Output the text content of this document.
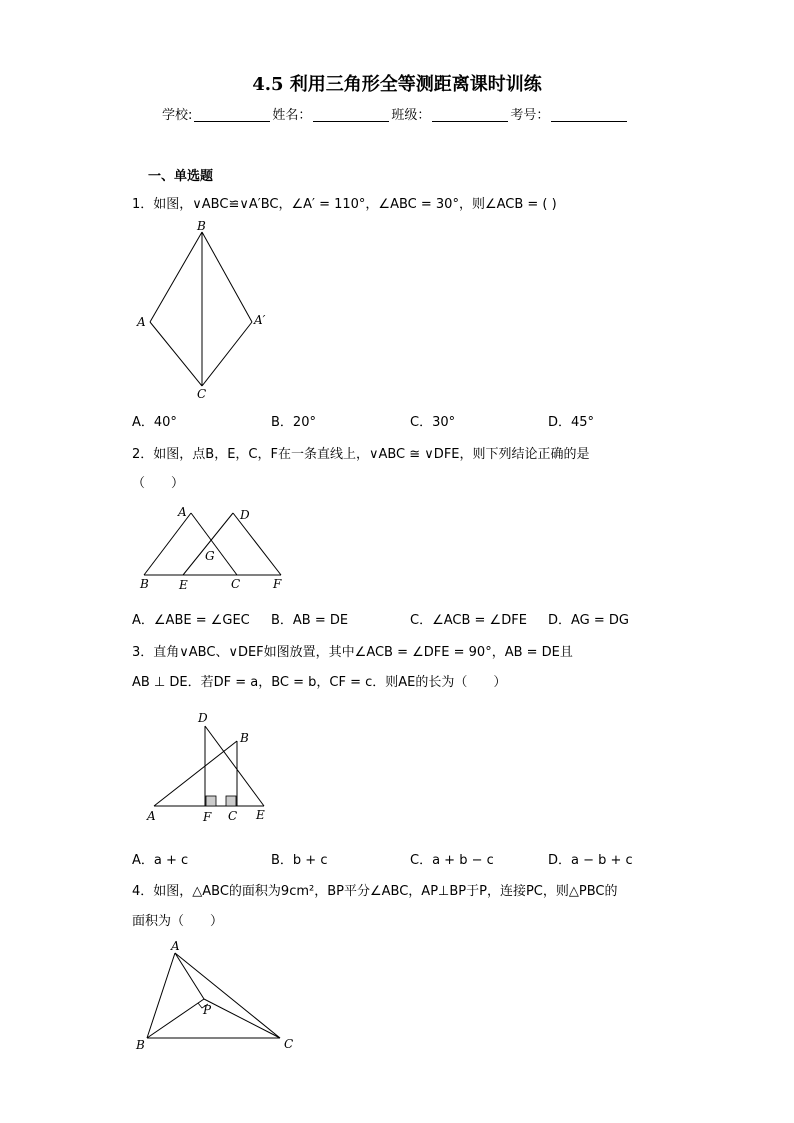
4.5 利用三角形全等测距离课时训练
学校:	姓名：	班级：	考号：
一、单选题
1．如图，∨ABC≌∨A′BC，∠A′ = 110°，∠ABC = 30°，则∠ACB = ( )
B
A	A′
C
A．40°	B．20°	C．30°	D．45°
2．如图，点B，E，C，F在一条直线上，∨ABC ≅ ∨DFE，则下列结论正确的是
（　　）
A	D
G
B	E	C	F
A．∠ABE = ∠GEC B．AB = DE	C．∠ACB = ∠DFE D．AG = DG
3．直角∨ABC、∨DEF如图放置，其中∠ACB = ∠DFE = 90°，AB = DE且
AB ⊥ DE．若DF = a，BC = b，CF = c．则AE的长为（　　）
D
B
A	F C E
A．a + c	B．b + c	C．a + b − c	D．a − b + c
4．如图，△ABC的面积为9cm²，BP平分∠ABC，AP⊥BP于P，连接PC，则△PBC的
面积为（　　）
A
P
B	C
